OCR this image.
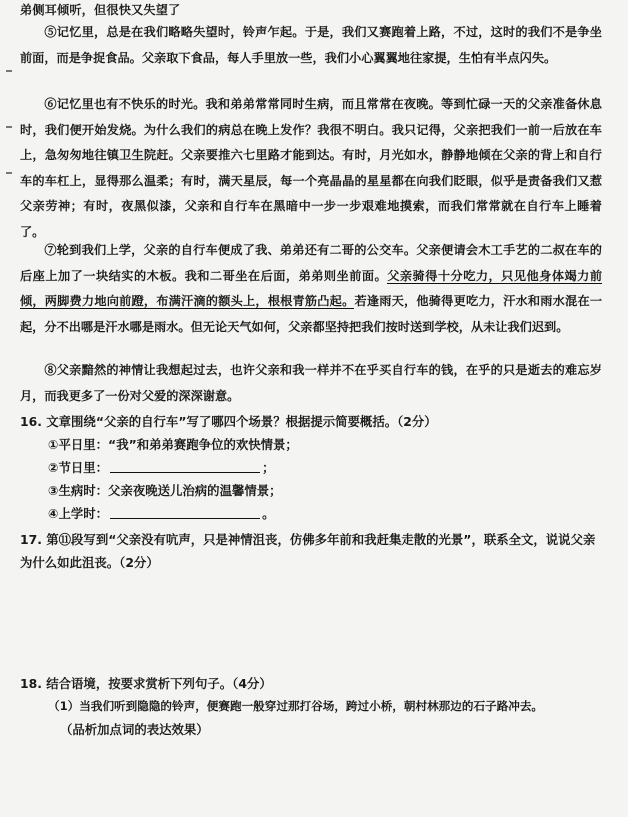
弟侧耳倾听，但很快又失望了
⑤记忆里，总是在我们略略失望时，铃声乍起。于是，我们又赛跑着上路，不过，这时的我们不是争坐前面，而是争捉食品。父亲取下食品，每人手里放一些，我们小心翼翼地往家提，生怕有半点闪失。
⑥记忆里也有不快乐的时光。我和弟弟常常同时生病，而且常常在夜晚。等到忙碌一天的父亲准备休息时，我们便开始发烧。为什么我们的病总在晚上发作？我很不明白。我只记得，父亲把我们一前一后放在车上，急匆匆地往镇卫生院赶。父亲要推六七里路才能到达。有时，月光如水，静静地倾在父亲的背上和自行车的车杠上，显得那么温柔；有时，满天星辰，每一个亮晶晶的星星都在向我们眨眼，似乎是责备我们又惹父亲劳神；有时，夜黑似漆，父亲和自行车在黑暗中一步一步艰难地摸索，而我们常常就在自行车上睡着了。
⑦轮到我们上学，父亲的自行车便成了我、弟弟还有二哥的公交车。父亲便请会木工手艺的二叔在车的后座上加了一块结实的木板。我和二哥坐在后面，弟弟则坐前面。父亲骑得十分吃力，只见他身体竭力前倾，两脚费力地向前蹬，布满汗滴的额头上，根根青筋凸起。若逢雨天，他骑得更吃力，汗水和雨水混在一起，分不出哪是汗水哪是雨水。但无论天气如何，父亲都坚持把我们按时送到学校，从未让我们迟到。
⑧父亲黯然的神情让我想起过去，也许父亲和我一样并不在乎买自行车的钱，在乎的只是逝去的难忘岁月，而我更多了一份对父爱的深深谢意。
16. 文章围绕“父亲的自行车”写了哪四个场景？根据提示简要概括。（2分）
①平日里：“我”和弟弟赛跑争位的欢快情景；
②节日里：	；
③生病时：父亲夜晚送儿治病的温馨情景；
④上学时：	。
17. 第⑪段写到“父亲没有吭声，只是神情沮丧，仿佛多年前和我赶集走散的光景”，联系全文，说说父亲为什么如此沮丧。（2分）
18. 结合语境，按要求赏析下列句子。（4分）
（1）当我们听到隐隐的铃声，便赛跑一般穿过那打谷场，跨过小桥，朝村林那边的石子路冲去。
（品析加点词的表达效果）
